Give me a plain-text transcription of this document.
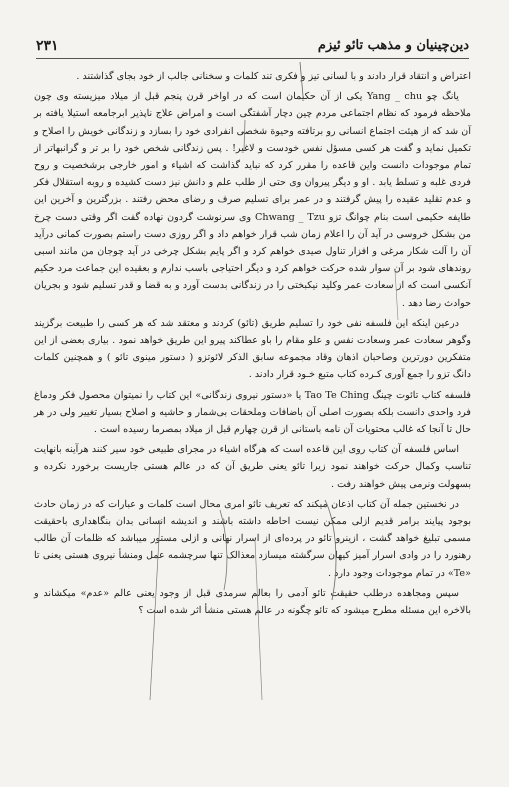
۲۳۱	دین‌چینیان و مذهب تائو ئیزم

اعتراض و انتقاد قرار دادند و با لسانی تیز و فکری تند کلمات و سخنانی جالب از خود بجای گذاشتند .

یانگ چو Yang _ chu یکی از آن حکیمان است که در اواخر قرن پنجم قبل از میلاد میزیسته وی چون ملاحظه فرمود که نظام اجتماعی مردم چین دچار آشفتگی است و امراض علاج ناپذیر ابرجامعه استیلا یافته بر آن شد که از هیئت اجتماع انسانی رو برتافته وحیوة شخصی انفرادی خود را بسازد و زندگانی خویش را اصلاح و تکمیل نماید و گفت هر کسی مسؤل نفس خودست و لاغیر! . پس زندگانی شخص خود را بر تر و گرانبهاتر از تمام موجودات دانست واین قاعده را مقرر کرد که نباید گذاشت که اشیاء و امور خارجی برشخصیت و روح فردی غلبه و تسلط یابد . او و دیگر پیروان وی حتی از طلب علم و دانش نیز دست کشیده و روبه استقلال فکر و عدم تقلید عقیده را پیش گرفتند و در عمر برای تسلیم صرف و رضای محض رفتند . بزرگترین و آخرین این طایفه حکیمی است بنام چوانگ تزو Chwang _ Tzu وی سرنوشت گردون نهاده گفت اگر وقتی دست چرخ من بشکل خروسی در آید آن را اعلام زمان شب قرار خواهم داد و اگر روزی دست راستم بصورت کمانی درآید آن را آلت شکار مرغی و افزار تناول صیدی خواهم کرد و اگر پایم بشکل چرخی در آید چوجان من مانند اسبی روندهای شود بر آن سوار شده حرکت خواهم کرد و دیگر احتیاجی باسب ندارم و بعقیده این جماعت مرد حکیم آنکسی است که از سعادت عمر وکلید نیکبختی را در زندگانی بدست آورد و به قضا و قدر تسلیم شود و بجریان حوادث رضا دهد .

درعین اینکه این فلسفه نفی خود را تسلیم طریق (تائو) کردند و معتقد شد که هر کسی را طبیعت برگزیند وگوهر سعادت عمر وسعادت نفس و علو مقام را باو عطاکند پیرو این طریق خواهد نمود . بیاری بعضی از این متفکرین دورترین وصاحبان اذهان وقاد مجموعه سابق الذکر لائوتزو ( دستور مینوی تائو ) و همچنین کلمات دانگ تزو را جمع آوری کـرده کتاب متبع خـود قرار دادند .

فلسفه کتاب تائوت چینگ Tao Te Ching یا «دستور نیروی زندگانی» این کتاب را نمیتوان محصول فکر ودماغ فرد واحدی دانست بلکه بصورت اصلی آن باضافات وملحقات بی‌شمار و حاشیه و اصلاح بسیار تغییر ولی در هر حال تا آنجا که غالب محتویات آن نامه باستانی از قرن چهارم قبل از میلاد بمصرما رسیده است .

اساس فلسفه آن کتاب روی این قاعده است که هرگاه اشیاء در مجرای طبیعی خود سیر کنند هرآینه بانهایت تناسب وکمال حرکت خواهند نمود زیرا تائو یعنی طریق آن که در عالم هستی جاریست برخورد نکرده و بسهولت ونرمی پیش خواهند رفت .

در نخستین جمله آن کتاب اذعان میکند که تعریف تائو امری محال است کلمات و عبارات که در زمان حادث بوجود پیایند برامر قدیم ازلی ممکن نیست احاطه داشته باشند و اندیشه انسانی بدان بنگاهداری باحقیقت مسمی تبلیغ خواهد گشت ، ازینرو تائو در پرده‌ای از اسرار نهانی و ازلی مستور میباشد که ظلمات آن طالب رهنورد را در وادی اسرار آمیز کیهان سرگشته میسازد معذالک تنها سرچشمه عمل ومنشأ نیروی هستی یعنی تا «Te» در تمام موجودات وجود دارد .

سپس ومجاهده درطلب حقیقت تائو آدمی را بعالم سرمدی قبل از وجود یعنی عالم «عدم» میکشاند و بالاخره این مسئله مطرح میشود که تائو چگونه در عالم هستی منشأ اثر شده است ؟
